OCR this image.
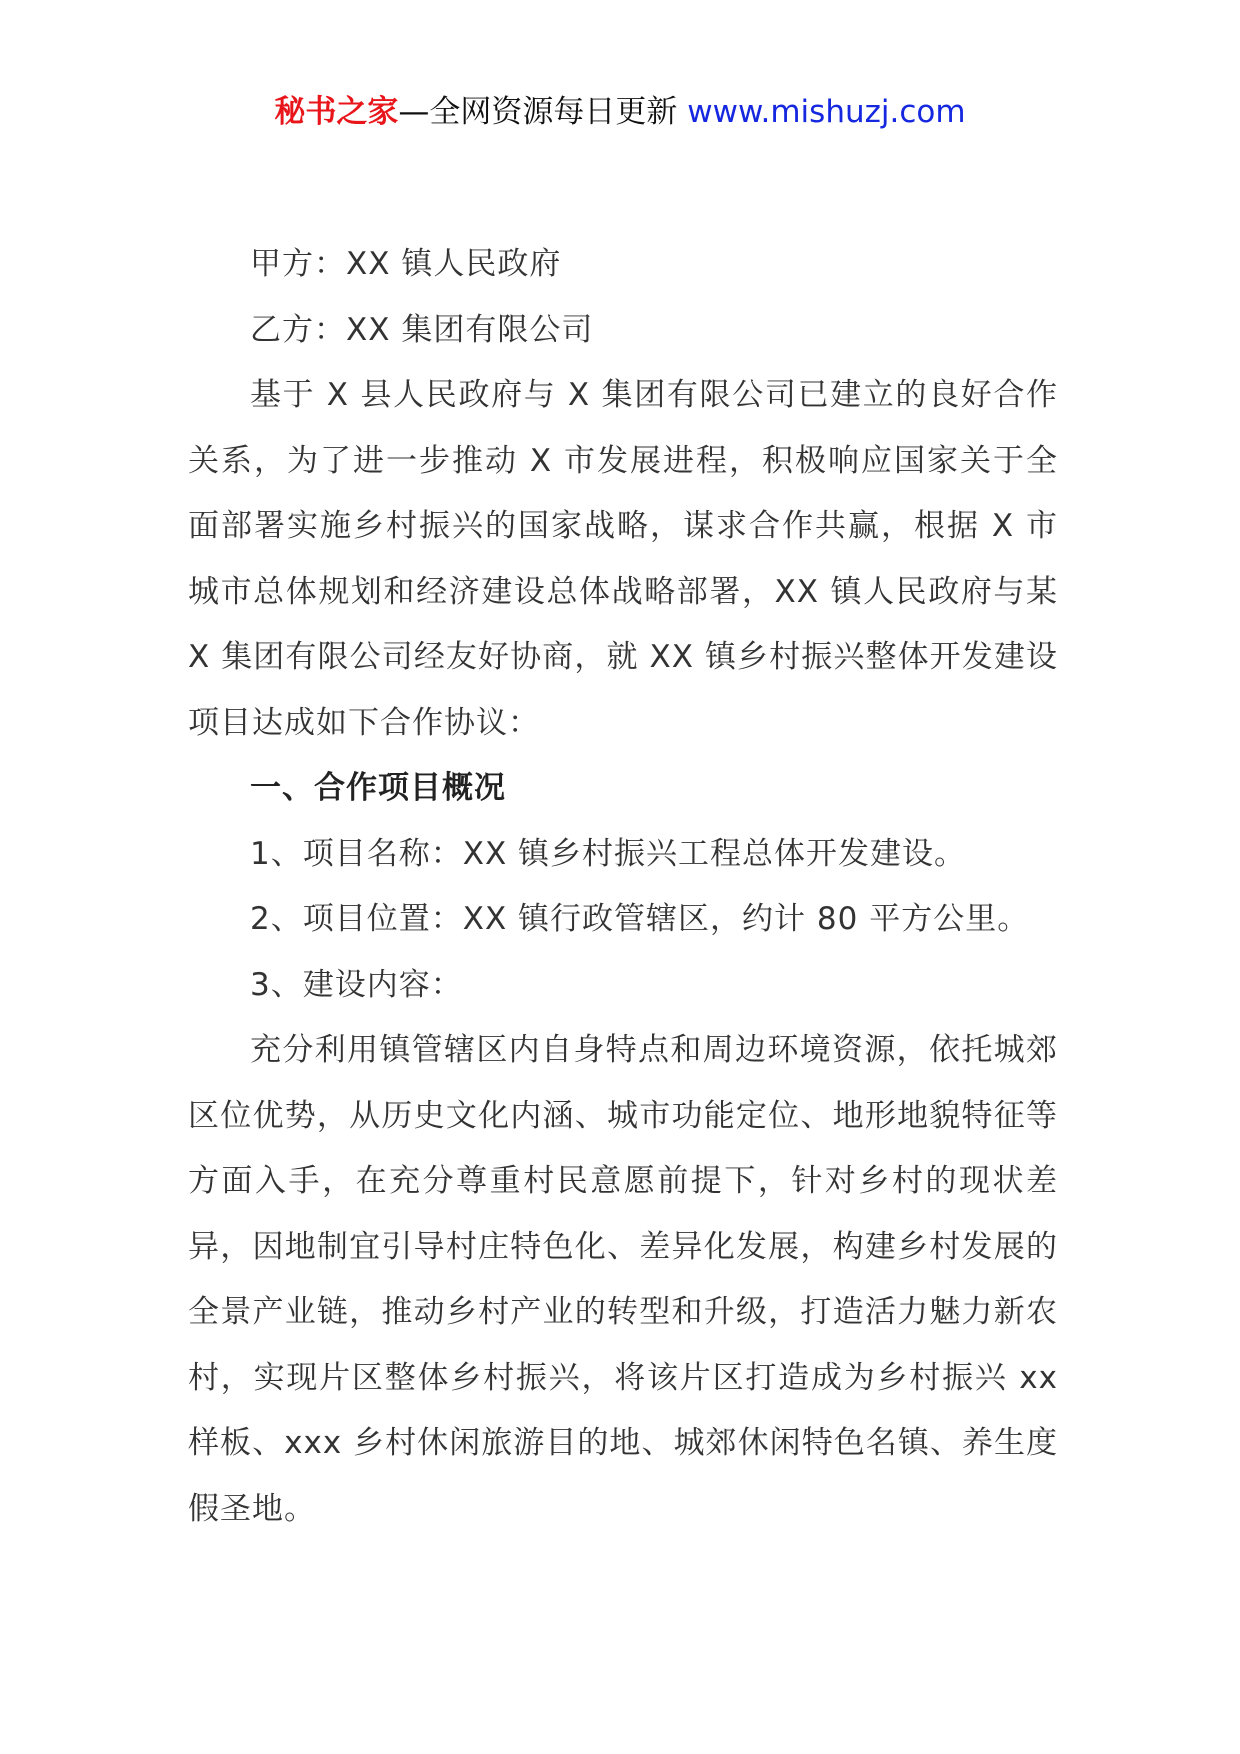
秘书之家—全网资源每日更新 www.mishuzj.com

甲方：XX 镇人民政府

乙方：XX 集团有限公司

基于 X 县人民政府与 X 集团有限公司已建立的良好合作关系，为了进一步推动 X 市发展进程，积极响应国家关于全面部署实施乡村振兴的国家战略，谋求合作共赢，根据 X 市城市总体规划和经济建设总体战略部署，XX 镇人民政府与某 X 集团有限公司经友好协商，就 XX 镇乡村振兴整体开发建设项目达成如下合作协议：

一、合作项目概况

1、项目名称：XX 镇乡村振兴工程总体开发建设。

2、项目位置：XX 镇行政管辖区，约计 80 平方公里。

3、建设内容：

充分利用镇管辖区内自身特点和周边环境资源，依托城郊区位优势，从历史文化内涵、城市功能定位、地形地貌特征等方面入手，在充分尊重村民意愿前提下，针对乡村的现状差异，因地制宜引导村庄特色化、差异化发展，构建乡村发展的全景产业链，推动乡村产业的转型和升级，打造活力魅力新农村，实现片区整体乡村振兴，将该片区打造成为乡村振兴 xx 样板、xxx 乡村休闲旅游目的地、城郊休闲特色名镇、养生度假圣地。
